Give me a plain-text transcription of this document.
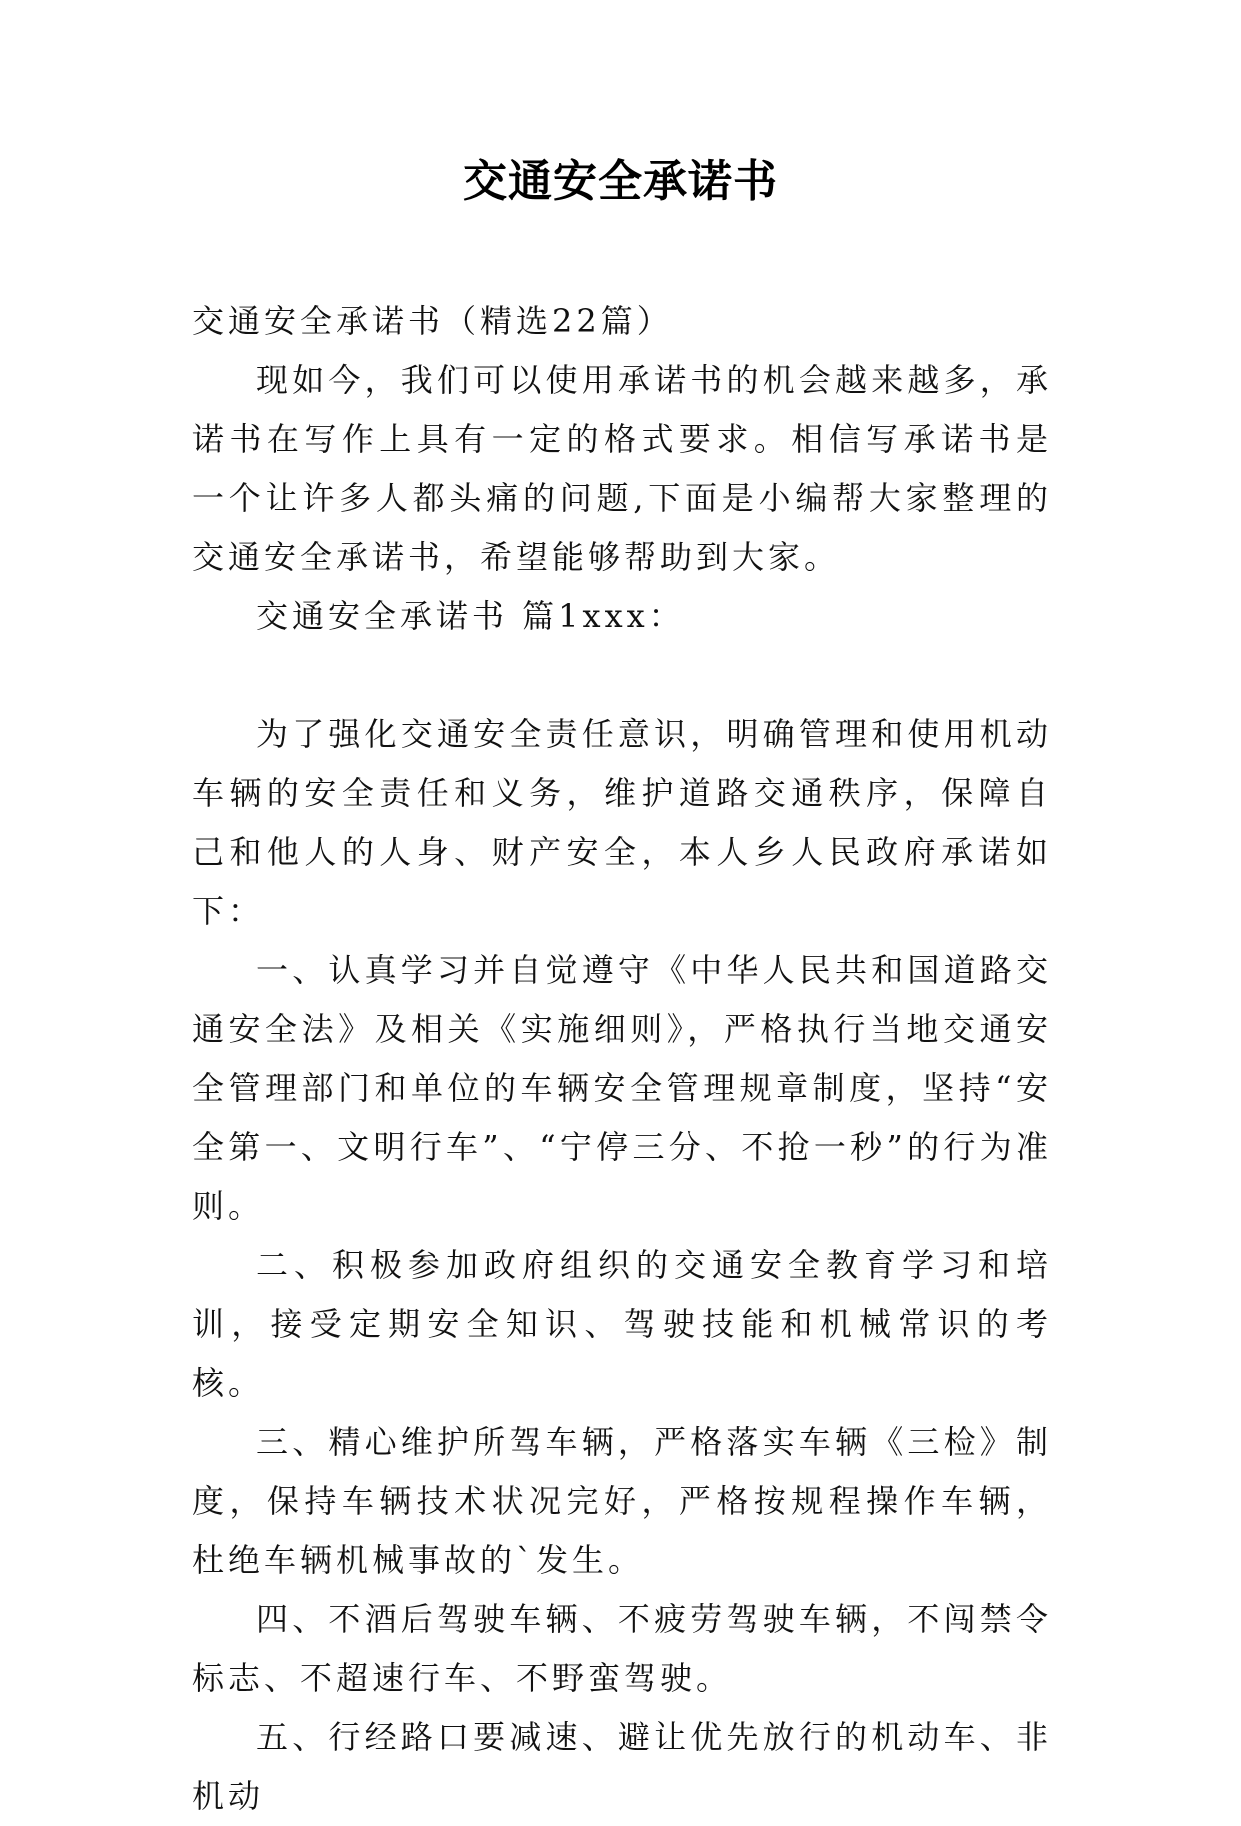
交通安全承诺书

交通安全承诺书（精选22篇）

现如今，我们可以使用承诺书的机会越来越多，承诺书在写作上具有一定的格式要求。相信写承诺书是一个让许多人都头痛的问题,下面是小编帮大家整理的交通安全承诺书，希望能够帮助到大家。

交通安全承诺书 篇1xxx：

为了强化交通安全责任意识，明确管理和使用机动车辆的安全责任和义务，维护道路交通秩序，保障自己和他人的人身、财产安全，本人乡人民政府承诺如下：

一、认真学习并自觉遵守《中华人民共和国道路交通安全法》及相关《实施细则》，严格执行当地交通安全管理部门和单位的车辆安全管理规章制度，坚持“安全第一、文明行车”、“宁停三分、不抢一秒”的行为准则。

二、积极参加政府组织的交通安全教育学习和培训，接受定期安全知识、驾驶技能和机械常识的考核。

三、精心维护所驾车辆，严格落实车辆《三检》制度，保持车辆技术状况完好，严格按规程操作车辆，杜绝车辆机械事故的`发生。

四、不酒后驾驶车辆、不疲劳驾驶车辆，不闯禁令标志、不超速行车、不野蛮驾驶。

五、行经路口要减速、避让优先放行的机动车、非机动
